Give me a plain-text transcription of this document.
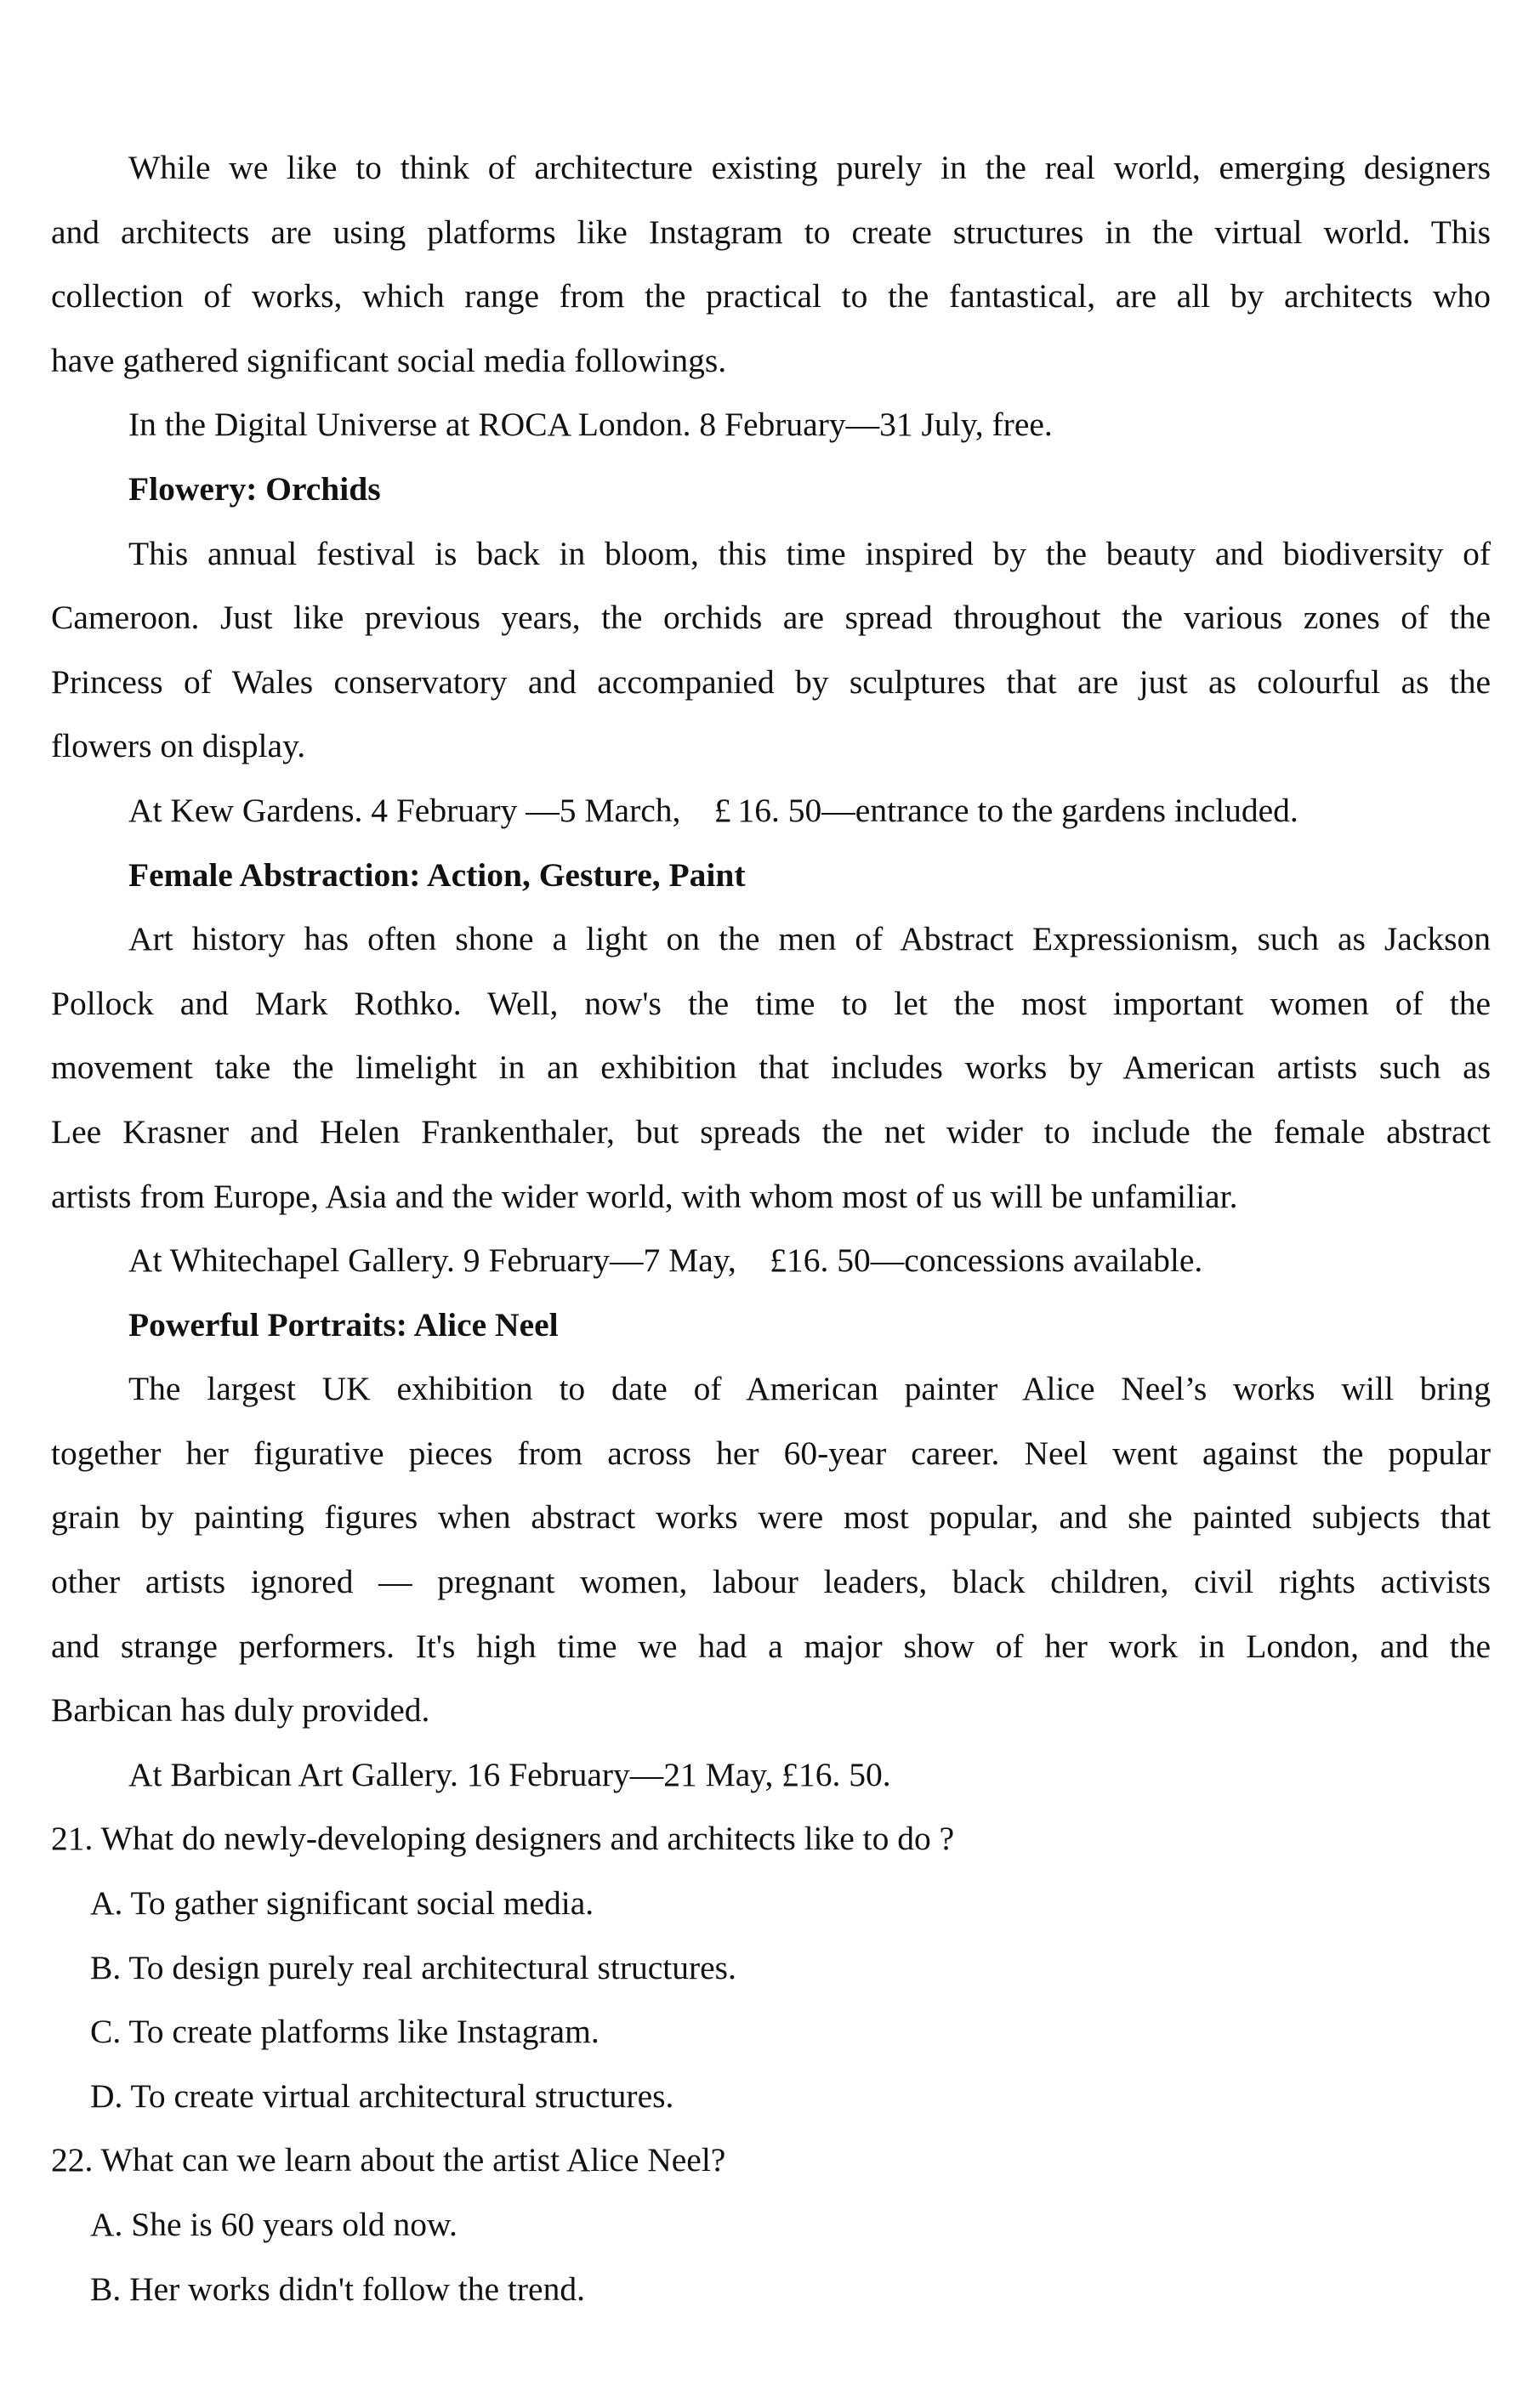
While we like to think of architecture existing purely in the real world, emerging designers
and architects are using platforms like Instagram to create structures in the virtual world. This
collection of works, which range from the practical to the fantastical, are all by architects who
have gathered significant social media followings.
In the Digital Universe at ROCA London. 8 February—31 July, free.
Flowery: Orchids
This annual festival is back in bloom, this time inspired by the beauty and biodiversity of
Cameroon. Just like previous years, the orchids are spread throughout the various zones of the
Princess of Wales conservatory and accompanied by sculptures that are just as colourful as the
flowers on display.
At Kew Gardens. 4 February —5 March,    £ 16. 50—entrance to the gardens included.
Female Abstraction: Action, Gesture, Paint
Art history has often shone a light on the men of Abstract Expressionism, such as Jackson
Pollock and Mark Rothko. Well, now's the time to let the most important women of the
movement take the limelight in an exhibition that includes works by American artists such as
Lee Krasner and Helen Frankenthaler, but spreads the net wider to include the female abstract
artists from Europe, Asia and the wider world, with whom most of us will be unfamiliar.
At Whitechapel Gallery. 9 February—7 May,    £16. 50—concessions available.
Powerful Portraits: Alice Neel
The largest UK exhibition to date of American painter Alice Neel’s works will bring
together her figurative pieces from across her 60-year career. Neel went against the popular
grain by painting figures when abstract works were most popular, and she painted subjects that
other artists ignored — pregnant women, labour leaders, black children, civil rights activists
and strange performers. It's high time we had a major show of her work in London, and the
Barbican has duly provided.
At Barbican Art Gallery. 16 February—21 May, £16. 50.
21. What do newly-developing designers and architects like to do ?
A. To gather significant social media.
B. To design purely real architectural structures.
C. To create platforms like Instagram.
D. To create virtual architectural structures.
22. What can we learn about the artist Alice Neel?
A. She is 60 years old now.
B. Her works didn't follow the trend.
